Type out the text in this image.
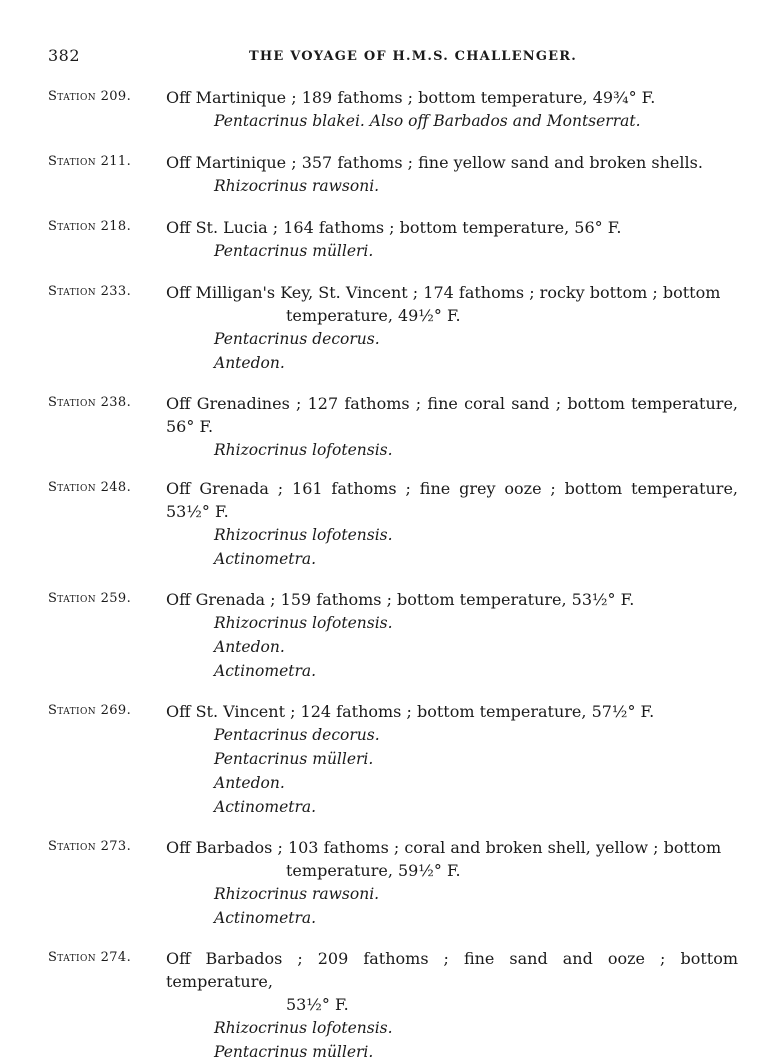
382	THE VOYAGE OF H.M.S. CHALLENGER.
Station 209.	Off Martinique ; 189 fathoms ; bottom temperature, 49¾° F.
Pentacrinus blakei. Also off Barbados and Montserrat.
Station 211.	Off Martinique ; 357 fathoms ; fine yellow sand and broken shells.
Rhizocrinus rawsoni.
Station 218.	Off St. Lucia ; 164 fathoms ; bottom temperature, 56° F.
Pentacrinus mülleri.
Station 233.	Off Milligan's Key, St. Vincent ; 174 fathoms ; rocky bottom ; bottom
temperature, 49½° F.
Pentacrinus decorus.
Antedon.
Station 238.	Off Grenadines ; 127 fathoms ; fine coral sand ; bottom temperature, 56° F.
Rhizocrinus lofotensis.
Station 248.	Off Grenada ; 161 fathoms ; fine grey ooze ; bottom temperature, 53½° F.
Rhizocrinus lofotensis.
Actinometra.
Station 259.	Off Grenada ; 159 fathoms ; bottom temperature, 53½° F.
Rhizocrinus lofotensis.
Antedon.
Actinometra.
Station 269.	Off St. Vincent ; 124 fathoms ; bottom temperature, 57½° F.
Pentacrinus decorus.
Pentacrinus mülleri.
Antedon.
Actinometra.
Station 273.	Off Barbados ; 103 fathoms ; coral and broken shell, yellow ; bottom
temperature, 59½° F.
Rhizocrinus rawsoni.
Actinometra.
Station 274.	Off Barbados ; 209 fathoms ; fine sand and ooze ; bottom temperature,
53½° F.
Rhizocrinus lofotensis.
Pentacrinus mülleri.
